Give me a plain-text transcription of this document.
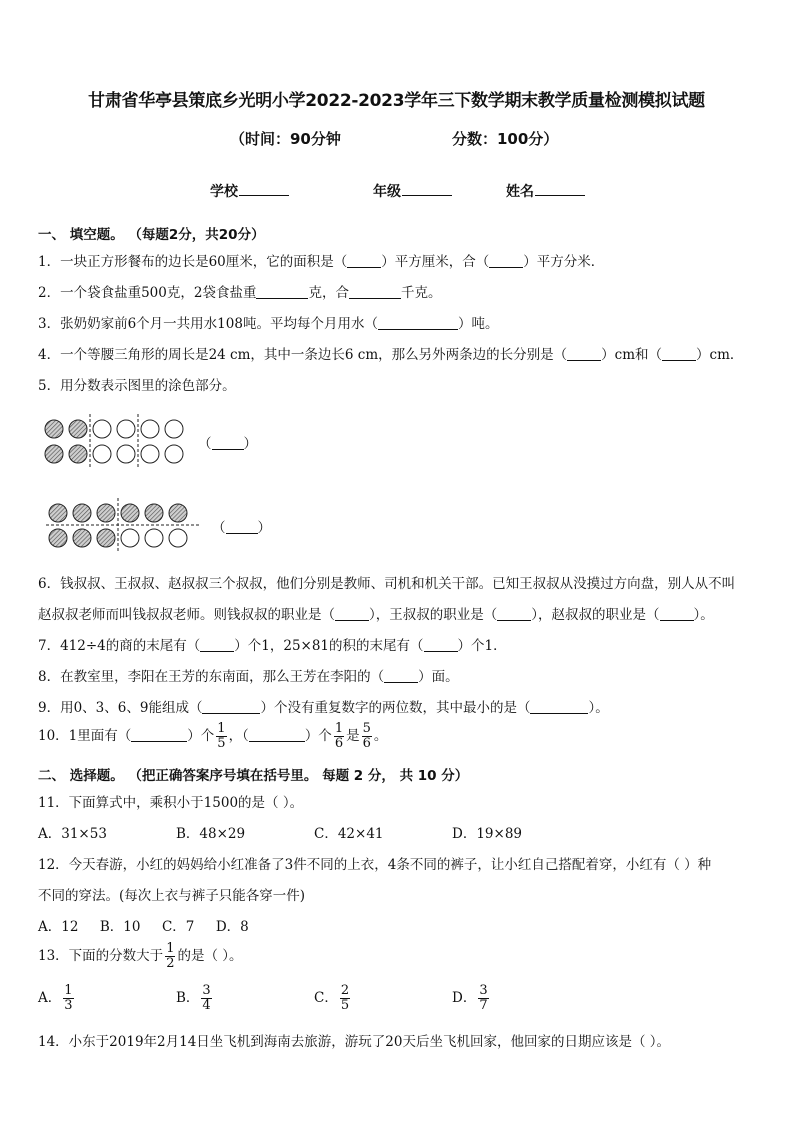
甘肃省华亭县策底乡光明小学2022-2023学年三下数学期末教学质量检测模拟试题
（时间：90分钟	分数：100分）
学校	年级	姓名
一、 填空题。 （每题2分，共20分）
1．一块正方形餐布的边长是60厘米，它的面积是（	）平方厘米，合（	）平方分米．
2．一个袋食盐重500克，2袋食盐重	克，合	千克。
3．张奶奶家前6个月一共用水108吨。平均每个月用水（	）吨。
4．一个等腰三角形的周长是24 cm，其中一条边长6 cm，那么另外两条边的长分别是（	）cm和（	）cm．
5．用分数表示图里的涂色部分。
（ ）
（ ）
6．钱叔叔、王叔叔、赵叔叔三个叔叔，他们分别是教师、司机和机关干部。已知王叔叔从没摸过方向盘，别人从不叫
赵叔叔老师而叫钱叔叔老师。则钱叔叔的职业是（	），王叔叔的职业是（	），赵叔叔的职业是（	）。
7．412÷4的商的末尾有（	）个1，25×81的积的末尾有（	）个1．
8．在教室里，李阳在王芳的东南面，那么王芳在李阳的（	）面。
9．用0、3、6、9能组成（	）个没有重复数字的两位数，其中最小的是（	）。
10．1里面有（	）个 $\frac{1}{5}$ ，（	）个 $\frac{1}{6}$ 是 $\frac{5}{6}$ 。
二、 选择题。 （把正确答案序号填在括号里。 每题 2 分， 共 10 分）
11．下面算式中，乘积小于1500的是（ ）。
A．31×53	B．48×29	C．42×41	D．19×89
12．今天春游，小红的妈妈给小红准备了3件不同的上衣，4条不同的裤子，让小红自己搭配着穿，小红有（ ）种
不同的穿法。(每次上衣与裤子只能各穿一件)
A．12     B．10     C．7     D．8
13．下面的分数大于 $\frac{1}{2}$ 的是（ ）。
A． $\frac{1}{3}$	B． $\frac{3}{4}$	C． $\frac{2}{5}$	D． $\frac{3}{7}$
14．小东于2019年2月14日坐飞机到海南去旅游，游玩了20天后坐飞机回家，他回家的日期应该是（ ）。
